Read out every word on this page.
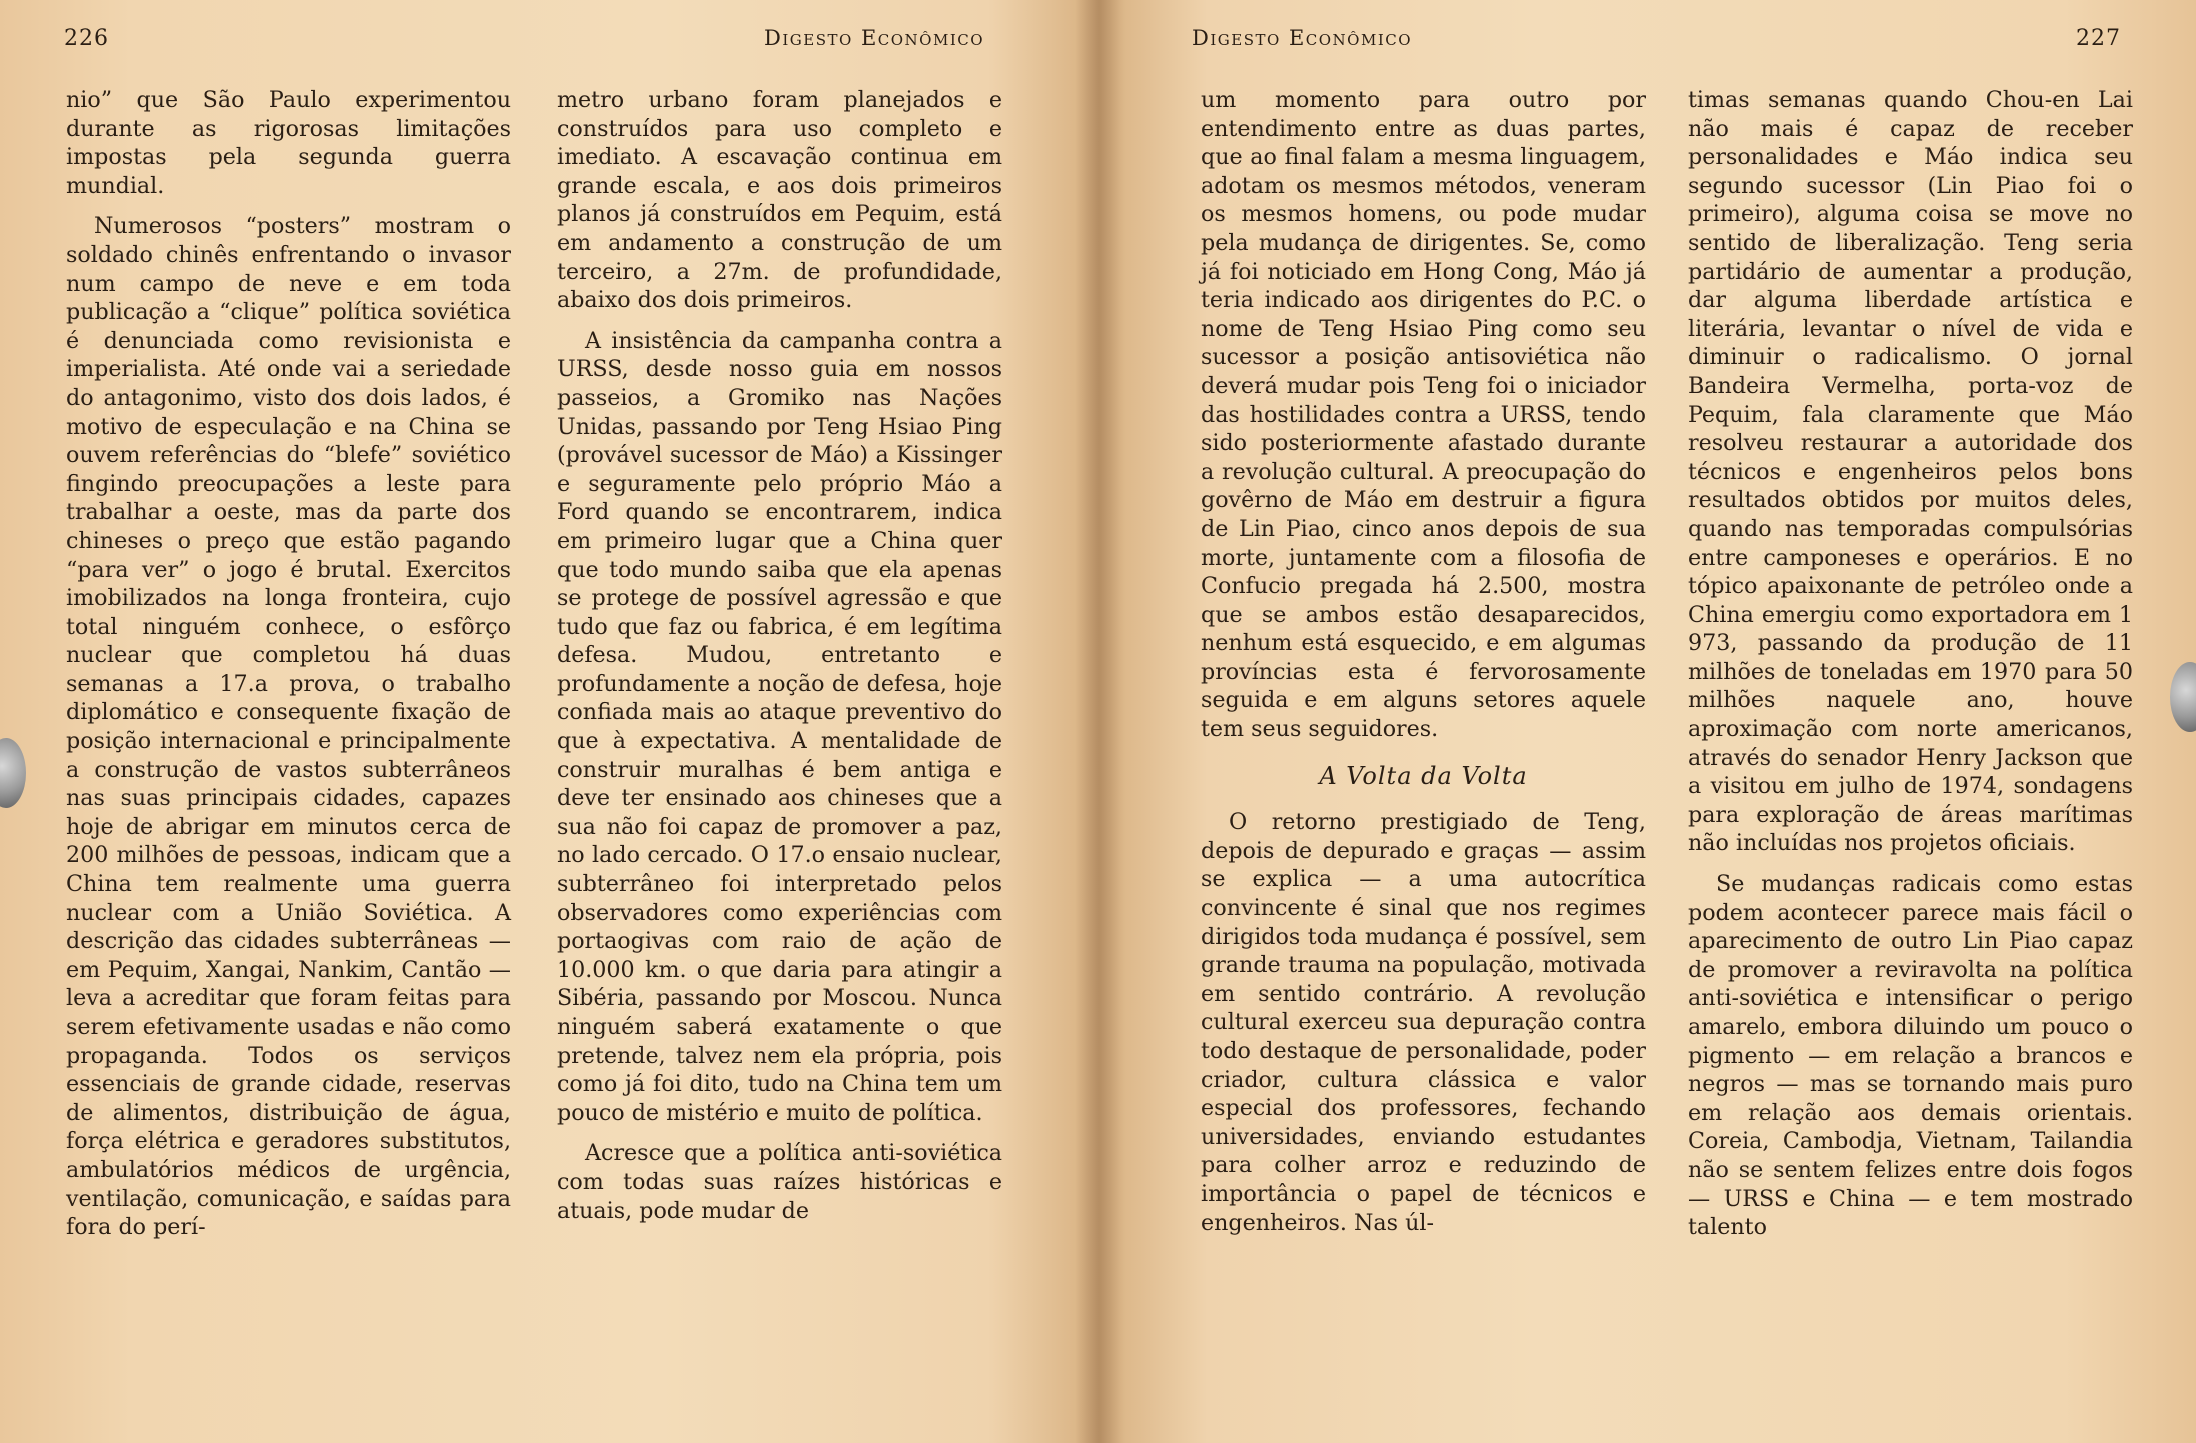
226	Digesto Econômico

nio” que São Paulo experimentou durante as rigorosas limitações impostas pela segunda guerra mundial.

Numerosos “posters” mostram o soldado chinês enfrentando o invasor num campo de neve e em toda publicação a “clique” política soviética é denunciada como revisionista e imperialista. Até onde vai a seriedade do antagonimo, visto dos dois lados, é motivo de especulação e na China se ouvem referências do “blefe” soviético fingindo preocupações a leste para trabalhar a oeste, mas da parte dos chineses o preço que estão pagando “para ver” o jogo é brutal. Exercitos imobilizados na longa fronteira, cujo total ninguém conhece, o esfôrço nuclear que completou há duas semanas a 17.a prova, o trabalho diplomático e consequente fixação de posição internacional e principalmente a construção de vastos subterrâneos nas suas principais cidades, capazes hoje de abrigar em minutos cerca de 200 milhões de pessoas, indicam que a China tem realmente uma guerra nuclear com a União Soviética. A descrição das cidades subterrâneas — em Pequim, Xangai, Nankim, Cantão — leva a acreditar que foram feitas para serem efetivamente usadas e não como propaganda. Todos os serviços essenciais de grande cidade, reservas de alimentos, distribuição de água, força elétrica e geradores substitutos, ambulatórios médicos de urgência, ventilação, comunicação, e saídas para fora do perí-

metro urbano foram planejados e construídos para uso completo e imediato. A escavação continua em grande escala, e aos dois primeiros planos já construídos em Pequim, está em andamento a construção de um terceiro, a 27m. de profundidade, abaixo dos dois primeiros.

A insistência da campanha contra a URSS, desde nosso guia em nossos passeios, a Gromiko nas Nações Unidas, passando por Teng Hsiao Ping (provável sucessor de Máo) a Kissinger e seguramente pelo próprio Máo a Ford quando se encontrarem, indica em primeiro lugar que a China quer que todo mundo saiba que ela apenas se protege de possível agressão e que tudo que faz ou fabrica, é em legítima defesa. Mudou, entretanto e profundamente a noção de defesa, hoje confiada mais ao ataque preventivo do que à expectativa. A mentalidade de construir muralhas é bem antiga e deve ter ensinado aos chineses que a sua não foi capaz de promover a paz, no lado cercado. O 17.o ensaio nuclear, subterrâneo foi interpretado pelos observadores como experiências com portaogivas com raio de ação de 10.000 km. o que daria para atingir a Sibéria, passando por Moscou. Nunca ninguém saberá exatamente o que pretende, talvez nem ela própria, pois como já foi dito, tudo na China tem um pouco de mistério e muito de política.

Acresce que a política anti-soviética com todas suas raízes históricas e atuais, pode mudar de

Digesto Econômico	227

um momento para outro por entendimento entre as duas partes, que ao final falam a mesma linguagem, adotam os mesmos métodos, veneram os mesmos homens, ou pode mudar pela mudança de dirigentes. Se, como já foi noticiado em Hong Cong, Máo já teria indicado aos dirigentes do P.C. o nome de Teng Hsiao Ping como seu sucessor a posição antisoviética não deverá mudar pois Teng foi o iniciador das hostilidades contra a URSS, tendo sido posteriormente afastado durante a revolução cultural. A preocupação do govêrno de Máo em destruir a figura de Lin Piao, cinco anos depois de sua morte, juntamente com a filosofia de Confucio pregada há 2.500, mostra que se ambos estão desaparecidos, nenhum está esquecido, e em algumas províncias esta é fervorosamente seguida e em alguns setores aquele tem seus seguidores.

A Volta da Volta

O retorno prestigiado de Teng, depois de depurado e graças — assim se explica — a uma autocrítica convincente é sinal que nos regimes dirigidos toda mudança é possível, sem grande trauma na população, motivada em sentido contrário. A revolução cultural exerceu sua depuração contra todo destaque de personalidade, poder criador, cultura clássica e valor especial dos professores, fechando universidades, enviando estudantes para colher arroz e reduzindo de importância o papel de técnicos e engenheiros. Nas úl-

timas semanas quando Chou-en Lai não mais é capaz de receber personalidades e Máo indica seu segundo sucessor (Lin Piao foi o primeiro), alguma coisa se move no sentido de liberalização. Teng seria partidário de aumentar a produção, dar alguma liberdade artística e literária, levantar o nível de vida e diminuir o radicalismo. O jornal Bandeira Vermelha, porta-voz de Pequim, fala claramente que Máo resolveu restaurar a autoridade dos técnicos e engenheiros pelos bons resultados obtidos por muitos deles, quando nas temporadas compulsórias entre camponeses e operários. E no tópico apaixonante de petróleo onde a China emergiu como exportadora em 1 973, passando da produção de 11 milhões de toneladas em 1970 para 50 milhões naquele ano, houve aproximação com norte americanos, através do senador Henry Jackson que a visitou em julho de 1974, sondagens para exploração de áreas marítimas não incluídas nos projetos oficiais.

Se mudanças radicais como estas podem acontecer parece mais fácil o aparecimento de outro Lin Piao capaz de promover a reviravolta na política anti-soviética e intensificar o perigo amarelo, embora diluindo um pouco o pigmento — em relação a brancos e negros — mas se tornando mais puro em relação aos demais orientais. Coreia, Cambodja, Vietnam, Tailandia não se sentem felizes entre dois fogos — URSS e China — e tem mostrado talento
